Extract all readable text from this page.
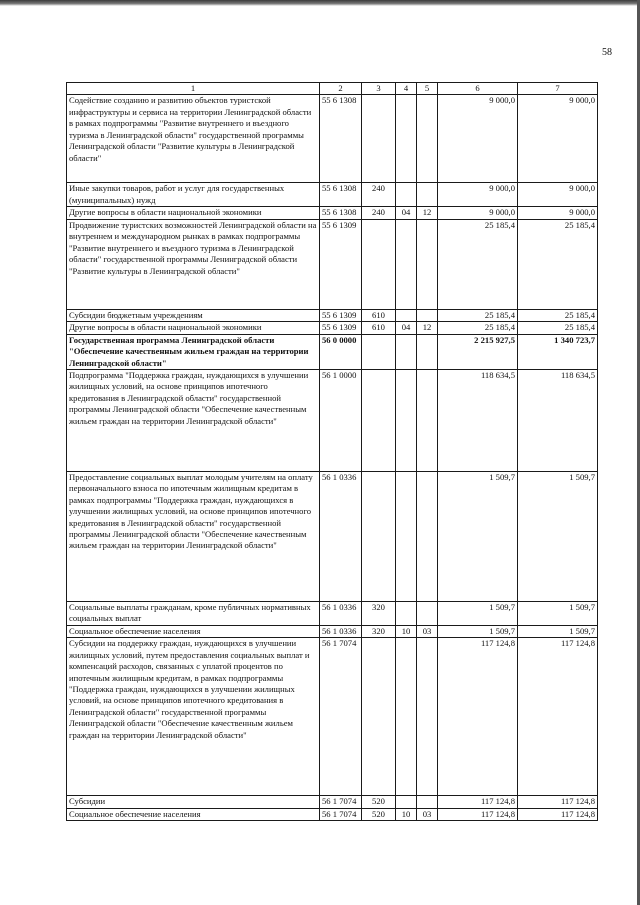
58
1	2	3	4	5	6	7
Содействие созданию и развитию объектов туристской инфраструктуры и сервиса на территории Ленинградской области в рамках подпрограммы "Развитие внутреннего и въездного туризма в Ленинградской области" государственной программы Ленинградской области "Развитие культуры в Ленинградской области"	55 6 1308				9 000,0	9 000,0
Иные закупки товаров, работ и услуг для государственных (муниципальных) нужд	55 6 1308	240			9 000,0	9 000,0
Другие вопросы в области национальной экономики	55 6 1308	240	04	12	9 000,0	9 000,0
Продвижение туристских возможностей Ленинградской области на внутреннем и международном рынках в рамках подпрограммы "Развитие внутреннего и въездного туризма в Ленинградской области" государственной программы Ленинградской области "Развитие культуры в Ленинградской области"	55 6 1309				25 185,4	25 185,4
Субсидии бюджетным учреждениям	55 6 1309	610			25 185,4	25 185,4
Другие вопросы в области национальной экономики	55 6 1309	610	04	12	25 185,4	25 185,4
Государственная программа Ленинградской области "Обеспечение качественным жильем граждан на территории Ленинградской области"	56 0 0000				2 215 927,5	1 340 723,7
Подпрограмма "Поддержка граждан, нуждающихся в улучшении жилищных условий, на основе принципов ипотечного кредитования в Ленинградской области" государственной программы Ленинградской области "Обеспечение качественным жильем граждан на территории Ленинградской области"	56 1 0000				118 634,5	118 634,5
Предоставление социальных выплат молодым учителям на оплату первоначального взноса по ипотечным жилищным кредитам в рамках подпрограммы "Поддержка граждан, нуждающихся в улучшении жилищных условий, на основе принципов ипотечного кредитования в Ленинградской области" государственной программы Ленинградской области "Обеспечение качественным жильем граждан на территории Ленинградской области"	56 1 0336				1 509,7	1 509,7
Социальные выплаты гражданам, кроме публичных нормативных социальных выплат	56 1 0336	320			1 509,7	1 509,7
Социальное обеспечение населения	56 1 0336	320	10	03	1 509,7	1 509,7
Субсидии на поддержку граждан, нуждающихся в улучшении жилищных условий, путем предоставления социальных выплат и компенсаций расходов, связанных с уплатой процентов по ипотечным жилищным кредитам, в рамках подпрограммы "Поддержка граждан, нуждающихся в улучшении жилищных условий, на основе принципов ипотечного кредитования в Ленинградской области" государственной программы Ленинградской области "Обеспечение качественным жильем граждан на территории Ленинградской области"	56 1 7074				117 124,8	117 124,8
Субсидии	56 1 7074	520			117 124,8	117 124,8
Социальное обеспечение населения	56 1 7074	520	10	03	117 124,8	117 124,8
